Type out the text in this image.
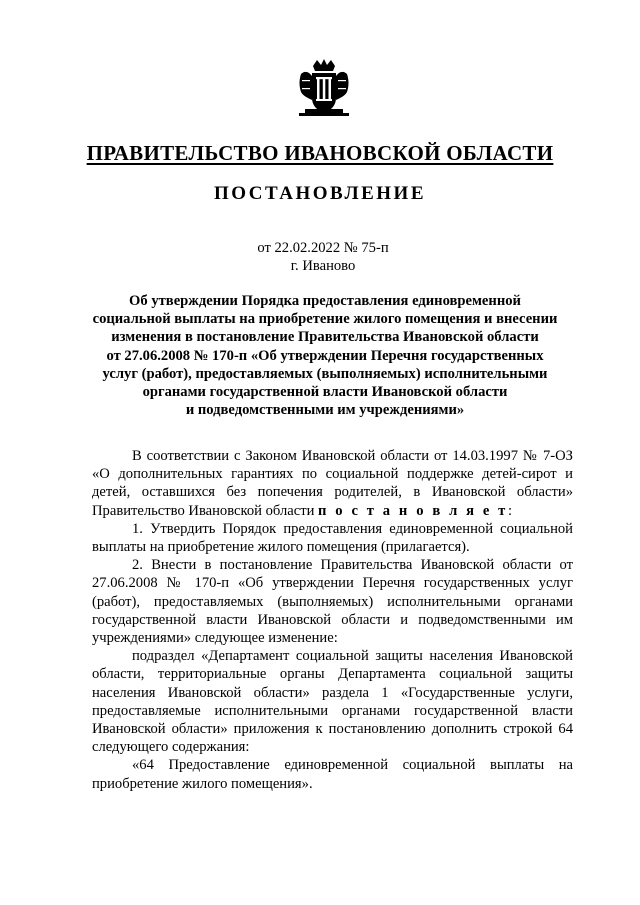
ПРАВИТЕЛЬСТВО ИВАНОВСКОЙ ОБЛАСТИ
ПОСТАНОВЛЕНИЕ
от 22.02.2022 № 75-п
г. Иваново
Об утверждении Порядка предоставления единовременной
социальной выплаты на приобретение жилого помещения и внесении
изменения в постановление Правительства Ивановской области
от 27.06.2008 № 170-п «Об утверждении Перечня государственных
услуг (работ), предоставляемых (выполняемых) исполнительными
органами государственной власти Ивановской области
и подведомственными им учреждениями»

В соответствии с Законом Ивановской области от 14.03.1997 № 7-ОЗ «О дополнительных гарантиях по социальной поддержке детей-сирот и детей, оставшихся без попечения родителей, в Ивановской области» Правительство Ивановской области п о с т а н о в л я е т:

1. Утвердить Порядок предоставления единовременной социальной выплаты на приобретение жилого помещения (прилагается).

2. Внести в постановление Правительства Ивановской области от 27.06.2008 № 170-п «Об утверждении Перечня государственных услуг (работ), предоставляемых (выполняемых) исполнительными органами государственной власти Ивановской области и подведомственными им учреждениями» следующее изменение:

подраздел «Департамент социальной защиты населения Ивановской области, территориальные органы Департамента социальной защиты населения Ивановской области» раздела 1 «Государственные услуги, предоставляемые исполнительными органами государственной власти Ивановской области» приложения к постановлению дополнить строкой 64 следующего содержания:

«64 Предоставление единовременной социальной выплаты на приобретение жилого помещения».
